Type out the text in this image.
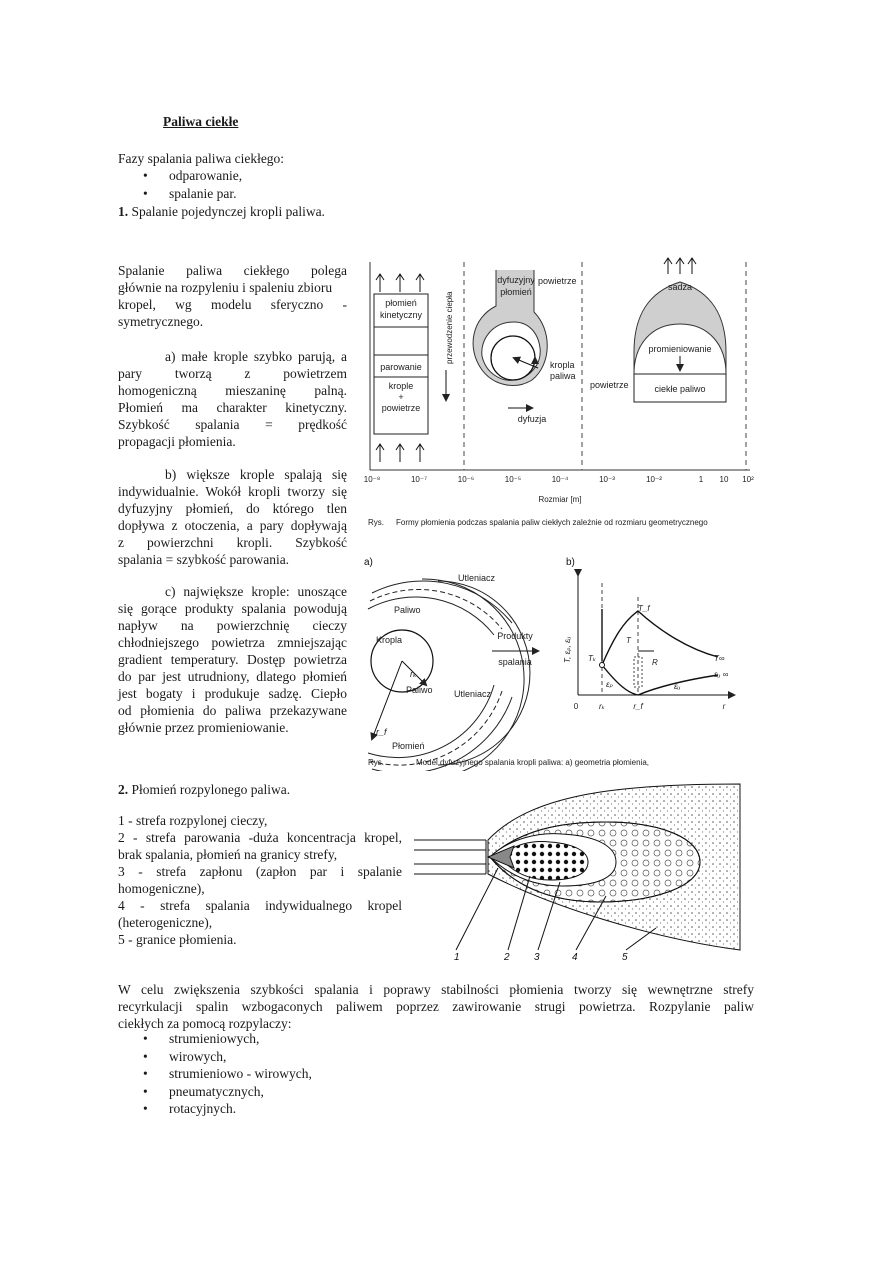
Paliwa ciekłe
Fazy spalania paliwa ciekłego:
• odparowanie,
• spalanie par.
1. Spalanie pojedynczej kropli paliwa.
Spalanie paliwa ciekłego polega
głównie na rozpyleniu i spaleniu zbioru
kropel, wg modelu sferyczno -
symetrycznego.
a) małe krople szybko parują, a
pary tworzą z powietrzem
homogeniczną mieszaninę palną.
Płomień ma charakter kinetyczny.
Szybkość spalania = prędkość
propagacji płomienia.
b) większe krople spalają się
indywidualnie. Wokół kropli tworzy się
dyfuzyjny płomień, do którego tlen
dopływa z otoczenia, a pary dopływają
z powierzchni kropli. Szybkość
spalania = szybkość parowania.
c) największe krople: unoszące
się gorące produkty spalania powodują
napływ na powierzchnię cieczy
chłodniejszego powietrza zmniejszając
gradient temperatury. Dostęp powietrza
do par jest utrudniony, dlatego płomień
jest bogaty i produkuje sadzę. Ciepło
od płomienia do paliwa przekazywane
głównie przez promieniowanie.
płomień
kinetyczny
parowanie
krople
+
powietrze
przewodzenie ciepła
dyfuzyjny
płomień
powietrze
kropla
paliwa
dyfuzja
sadza
promieniowanie
ciekłe paliwo
powietrze
10⁻⁸	10⁻⁷	10⁻⁶	10⁻⁵	10⁻⁴	10⁻³	10⁻²	1 10 10²
Rozmiar [m]
Rys. Formy płomienia podczas spalania paliw ciekłych zależnie od rozmiaru geometrycznego
a)
Kropla
rₖ
r_f
Paliwo
Paliwo
Utleniacz
Utleniacz
Płomień
Produkty
spalania
b)
T, εₚ, εᵤ
T_f
Tₖ
T
R	T∞
εᵤ ∞
εₚ	εᵤ
0	rₖ	r_f	r
Rys.	Model dyfuzyjnego spalania kropli paliwa: a) geometria płomienia,
2. Płomień rozpylonego paliwa.
1 - strefa rozpylonej cieczy,
2 - strefa parowania -duża koncentracja kropel,
brak spalania, płomień na granicy strefy,
3 - strefa zapłonu (zapłon par i spalanie
homogeniczne),
4 - strefa spalania indywidualnego kropel
(heterogeniczne),
5 - granice płomienia.
1	2 3	4	5
W celu zwiększenia szybkości spalania i poprawy stabilności płomienia tworzy się wewnętrzne strefy
recyrkulacji spalin wzbogaconych paliwem poprzez zawirowanie strugi powietrza. Rozpylanie paliw
ciekłych za pomocą rozpylaczy:
• strumieniowych,
• wirowych,
• strumieniowo - wirowych,
• pneumatycznych,
• rotacyjnych.
